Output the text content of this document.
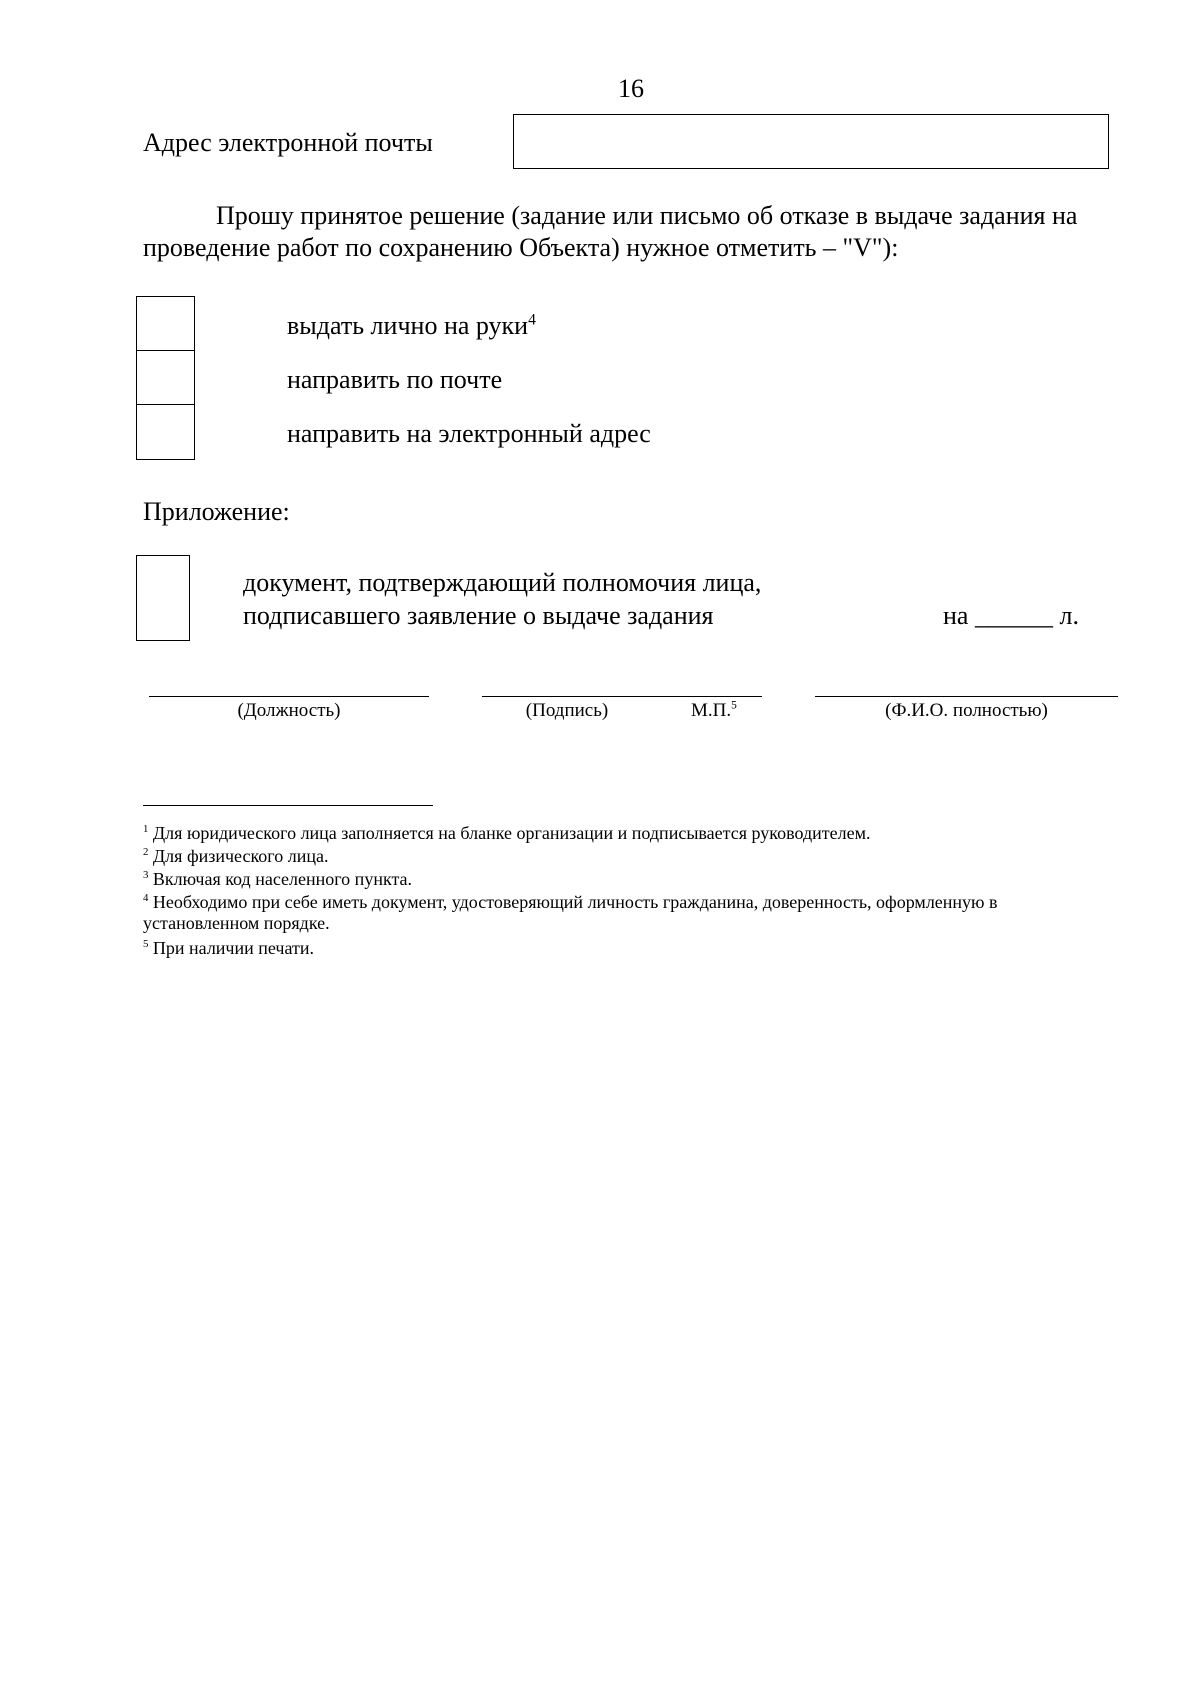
16
Адрес электронной почты
Прошу принятое решение (задание или письмо об отказе в выдаче задания на проведение работ по сохранению Объекта) нужное отметить – "V"):
выдать лично на руки$^4$
направить по почте
направить на электронный адрес
Приложение:
документ, подтверждающий полномочия лица,
подписавшего заявление о выдаче задания	на ______ л.
(Должность)	(Подпись)	М.П.$^5$	(Ф.И.О. полностью)
$^1$ Для юридического лица заполняется на бланке организации и подписывается руководителем.
$^2$ Для физического лица.
$^3$ Включая код населенного пункта.
$^4$ Необходимо при себе иметь документ, удостоверяющий личность гражданина, доверенность, оформленную в установленном порядке.
$^5$ При наличии печати.
